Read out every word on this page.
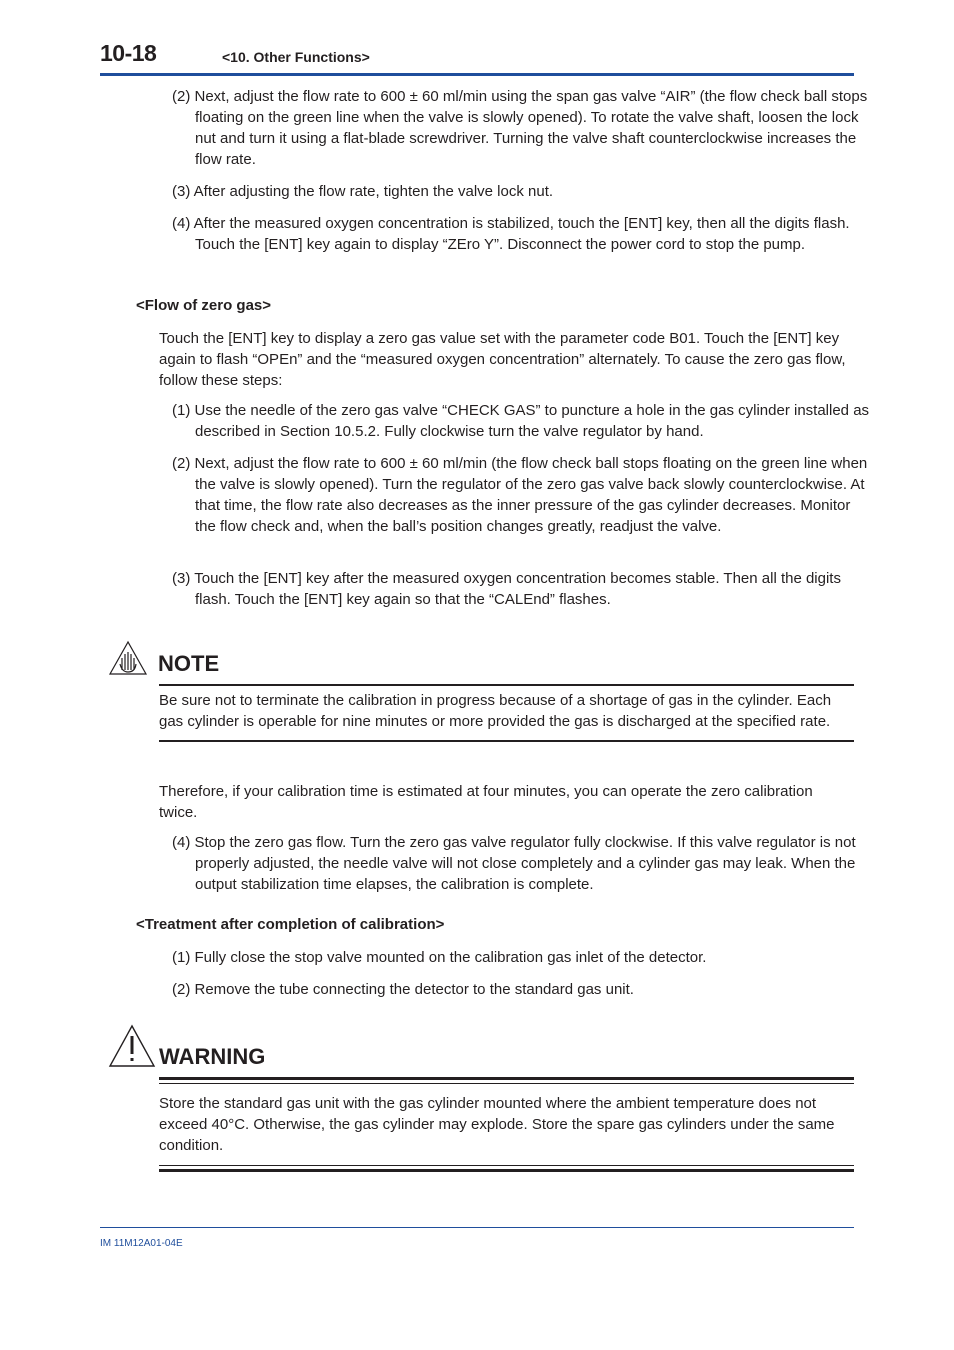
10-18	<10. Other Functions>
(2) Next, adjust the flow rate to 600 ± 60 ml/min using the span gas valve “AIR” (the flow check ball stops floating on the green line when the valve is slowly opened). To rotate the valve shaft, loosen the lock nut and turn it using a flat-blade screwdriver. Turning the valve shaft counterclockwise increases the flow rate.
(3) After adjusting the flow rate, tighten the valve lock nut.
(4) After the measured oxygen concentration is stabilized, touch the [ENT] key, then all the digits flash. Touch the [ENT] key again to display “ZEro Y”. Disconnect the power cord to stop the pump.
<Flow of zero gas>
Touch the [ENT] key to display a zero gas value set with the parameter code B01. Touch the [ENT] key again to flash “OPEn” and the “measured oxygen concentration” alternately. To cause the zero gas flow, follow these steps:
(1) Use the needle of the zero gas valve “CHECK GAS” to puncture a hole in the gas cylinder installed as described in Section 10.5.2. Fully clockwise turn the valve regulator by hand.
(2) Next, adjust the flow rate to 600 ± 60 ml/min (the flow check ball stops floating on the green line when the valve is slowly opened). Turn the regulator of the zero gas valve back slowly counterclockwise. At that time, the flow rate also decreases as the inner pressure of the gas cylinder decreases. Monitor the flow check and, when the ball’s position changes greatly, readjust the valve.
(3) Touch the [ENT] key after the measured oxygen concentration becomes stable. Then all the digits flash. Touch the [ENT] key again so that the “CALEnd” flashes.
NOTE
Be sure not to terminate the calibration in progress because of a shortage of gas in the cylinder. Each gas cylinder is operable for nine minutes or more provided the gas is discharged at the specified rate.
Therefore, if your calibration time is estimated at four minutes, you can operate the zero calibration twice.
(4) Stop the zero gas flow. Turn the zero gas valve regulator fully clockwise. If this valve regulator is not properly adjusted, the needle valve will not close completely and a cylinder gas may leak. When the output stabilization time elapses, the calibration is complete.
<Treatment after completion of calibration>
(1) Fully close the stop valve mounted on the calibration gas inlet of the detector.
(2) Remove the tube connecting the detector to the standard gas unit.
WARNING
Store the standard gas unit with the gas cylinder mounted where the ambient temperature does not exceed 40°C. Otherwise, the gas cylinder may explode. Store the spare gas cylinders under the same condition.
IM 11M12A01-04E
